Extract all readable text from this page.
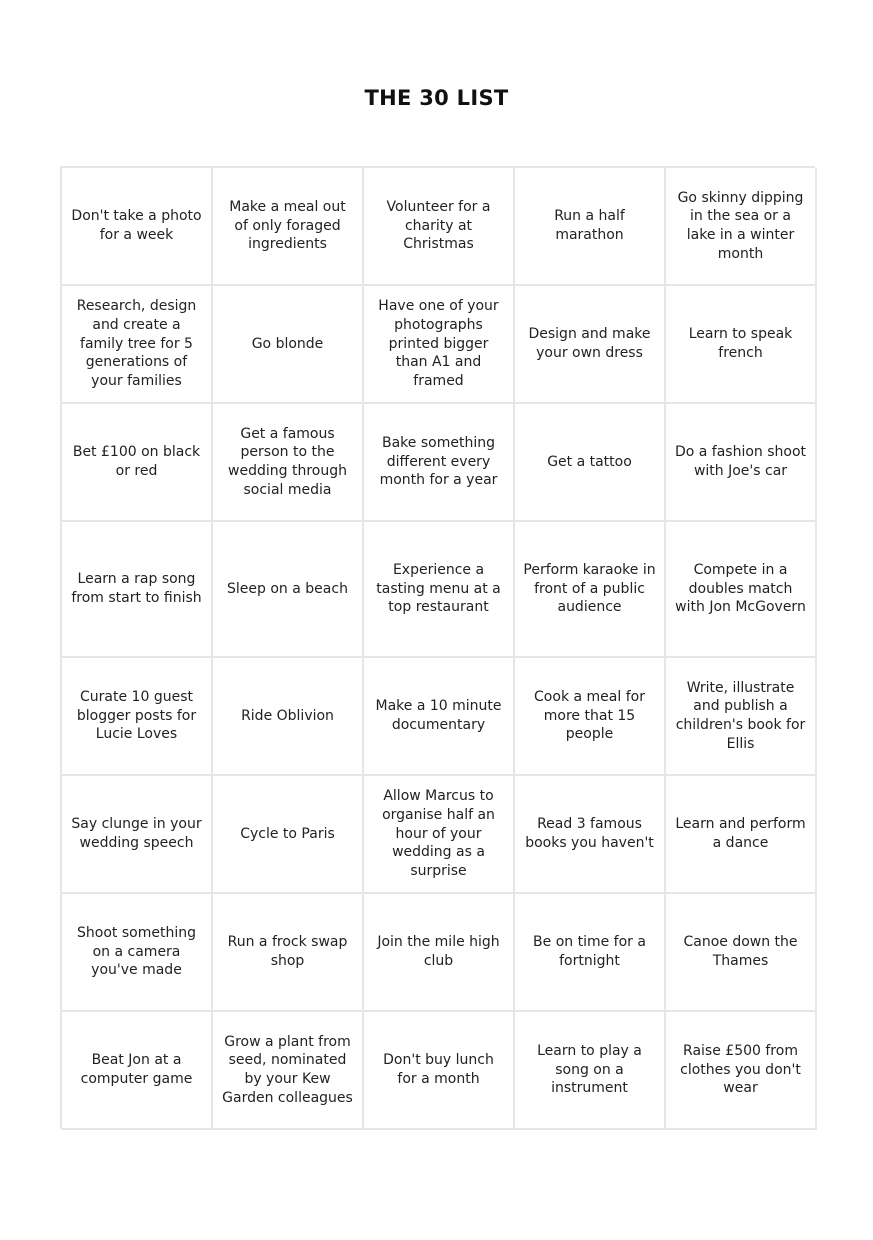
THE 30 LIST
Don't take a photo for a week
Make a meal out of only foraged ingredients
Volunteer for a charity at Christmas
Run a half marathon
Go skinny dipping in the sea or a lake in a winter month
Research, design and create a family tree for 5 generations of your families
Go blonde
Have one of your photographs printed bigger than A1 and framed
Design and make your own dress
Learn to speak french
Bet £100 on black or red
Get a famous person to the wedding through social media
Bake something different every month for a year
Get a tattoo
Do a fashion shoot with Joe's car
Learn a rap song from start to finish
Sleep on a beach
Experience a tasting menu at a top restaurant
Perform karaoke in front of a public audience
Compete in a doubles match with Jon McGovern
Curate 10 guest blogger posts for Lucie Loves
Ride Oblivion
Make a 10 minute documentary
Cook a meal for more that 15 people
Write, illustrate and publish a children's book for Ellis
Say clunge in your wedding speech
Cycle to Paris
Allow Marcus to organise half an hour of your wedding as a surprise
Read 3 famous books you haven't
Learn and perform a dance
Shoot something on a camera you've made
Run a frock swap shop
Join the mile high club
Be on time for a fortnight
Canoe down the Thames
Beat Jon at a computer game
Grow a plant from seed, nominated by your Kew Garden colleagues
Don't buy lunch for a month
Learn to play a song on a instrument
Raise £500 from clothes you don't wear
